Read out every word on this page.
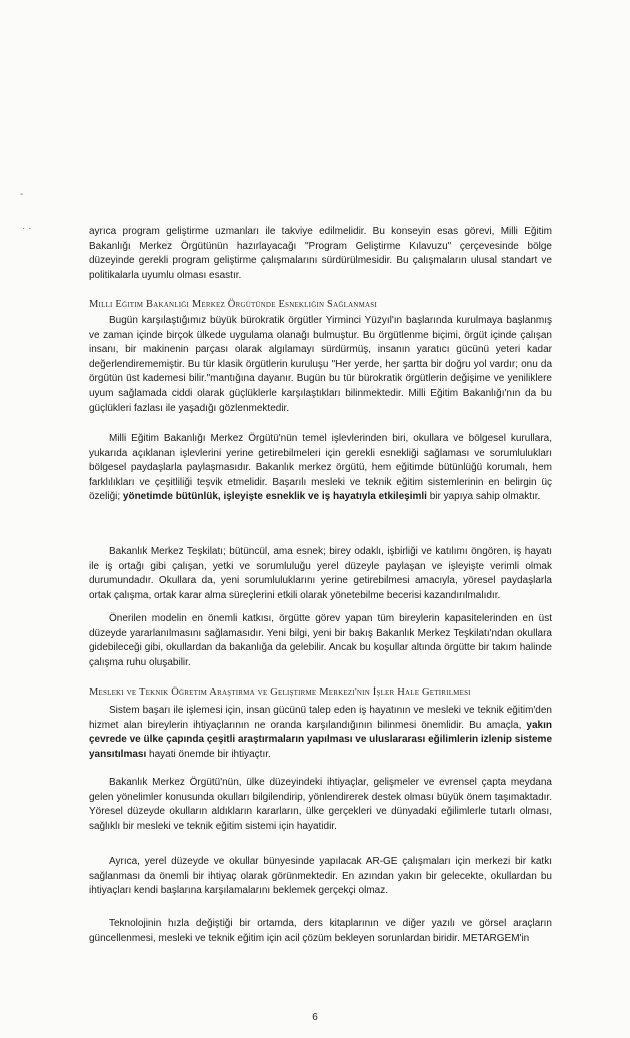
-
· ·	ayrıca program geliştirme uzmanları ile takviye edilmelidir. Bu konseyin esas görevi, Milli Eğitim Bakanlığı Merkez Örgütünün hazırlayacağı "Program Geliştirme Kılavuzu" çerçevesinde bölge düzeyinde gerekli program geliştirme çalışmalarını sürdürülmesidir. Bu çalışmaların ulusal standart ve politikalarla uyumlu olması esastır.

Milli Eğitim Bakanlığı Merkez Örgütünde Esnekliğin Sağlanması

Bugün karşılaştığımız büyük bürokratik örgütler Yirminci Yüzyıl'ın başlarında kurulmaya başlanmış ve zaman içinde birçok ülkede uygulama olanağı bulmuştur. Bu örgütlenme biçimi, örgüt içinde çalışan insanı, bir makinenin parçası olarak algılamayı sürdürmüş, insanın yaratıcı gücünü yeteri kadar değerlendirememiştir. Bu tür klasik örgütlerin kuruluşu "Her yerde, her şartta bir doğru yol vardır; onu da örgütün üst kademesi bilir."mantığına dayanır. Bugün bu tür bürokratik örgütlerin değişime ve yeniliklere uyum sağlamada ciddi olarak güçlüklerle karşılaştıkları bilinmektedir. Milli Eğitim Bakanlığı'nın da bu güçlükleri fazlası ile yaşadığı gözlenmektedir.

Milli Eğitim Bakanlığı Merkez Örgütü'nün temel işlevlerinden biri, okullara ve bölgesel kurullara, yukarıda açıklanan işlevlerini yerine getirebilmeleri için gerekli esnekliği sağlaması ve sorumlulukları bölgesel paydaşlarla paylaşmasıdır. Bakanlık merkez örgütü, hem eğitimde bütünlüğü korumalı, hem farklılıkları ve çeşitliliği teşvik etmelidir. Başarılı mesleki ve teknik eğitim sistemlerinin en belirgin üç özeliği; yönetimde bütünlük, işleyişte esneklik ve iş hayatıyla etkileşimli bir yapıya sahip olmaktır.

Bakanlık Merkez Teşkilatı; bütüncül, ama esnek; birey odaklı, işbirliği ve katılımı öngören, iş hayatı ile iş ortağı gibi çalışan, yetki ve sorumluluğu yerel düzeyle paylaşan ve işleyişte verimli olmak durumundadır. Okullara da, yeni sorumluluklarını yerine getirebilmesi amacıyla, yöresel paydaşlarla ortak çalışma, ortak karar alma süreçlerini etkili olarak yönetebilme becerisi kazandırılmalıdır.

Önerilen modelin en önemli katkısı, örgütte görev yapan tüm bireylerin kapasitelerinden en üst düzeyde yararlanılmasını sağlamasıdır. Yeni bilgi, yeni bir bakış Bakanlık Merkez Teşkilatı'ndan okullara gidebileceği gibi, okullardan da bakanlığa da gelebilir. Ancak bu koşullar altında örgütte bir takım halinde çalışma ruhu oluşabilir.

Mesleki ve Teknik Öğretim Araştırma ve Geliştirme Merkezi'nin İşler Hale Getirilmesi

Sistem başarı ile işlemesi için, insan gücünü talep eden iş hayatının ve mesleki ve teknik eğitim'den hizmet alan bireylerin ihtiyaçlarının ne oranda karşılandığının bilinmesi önemlidir. Bu amaçla, yakın çevrede ve ülke çapında çeşitli araştırmaların yapılması ve uluslararası eğilimlerin izlenip sisteme yansıtılması hayati önemde bir ihtiyaçtır.

Bakanlık Merkez Örgütü'nün, ülke düzeyindeki ihtiyaçlar, gelişmeler ve evrensel çapta meydana gelen yönelimler konusunda okulları bilgilendirip, yönlendirerek destek olması büyük önem taşımaktadır. Yöresel düzeyde okulların aldıkların kararların, ülke gerçekleri ve dünyadaki eğilimlerle tutarlı olması, sağlıklı bir mesleki ve teknik eğitim sistemi için hayatidir.

Ayrıca, yerel düzeyde ve okullar bünyesinde yapılacak AR-GE çalışmaları için merkezi bir katkı sağlanması da önemli bir ihtiyaç olarak görünmektedir. En azından yakın bir gelecekte, okullardan bu ihtiyaçları kendi başlarına karşılamalarını beklemek gerçekçi olmaz.

Teknolojinin hızla değiştiği bir ortamda, ders kitaplarının ve diğer yazılı ve görsel araçların güncellenmesi, mesleki ve teknik eğitim için acil çözüm bekleyen sorunlardan biridir. METARGEM'in

6
